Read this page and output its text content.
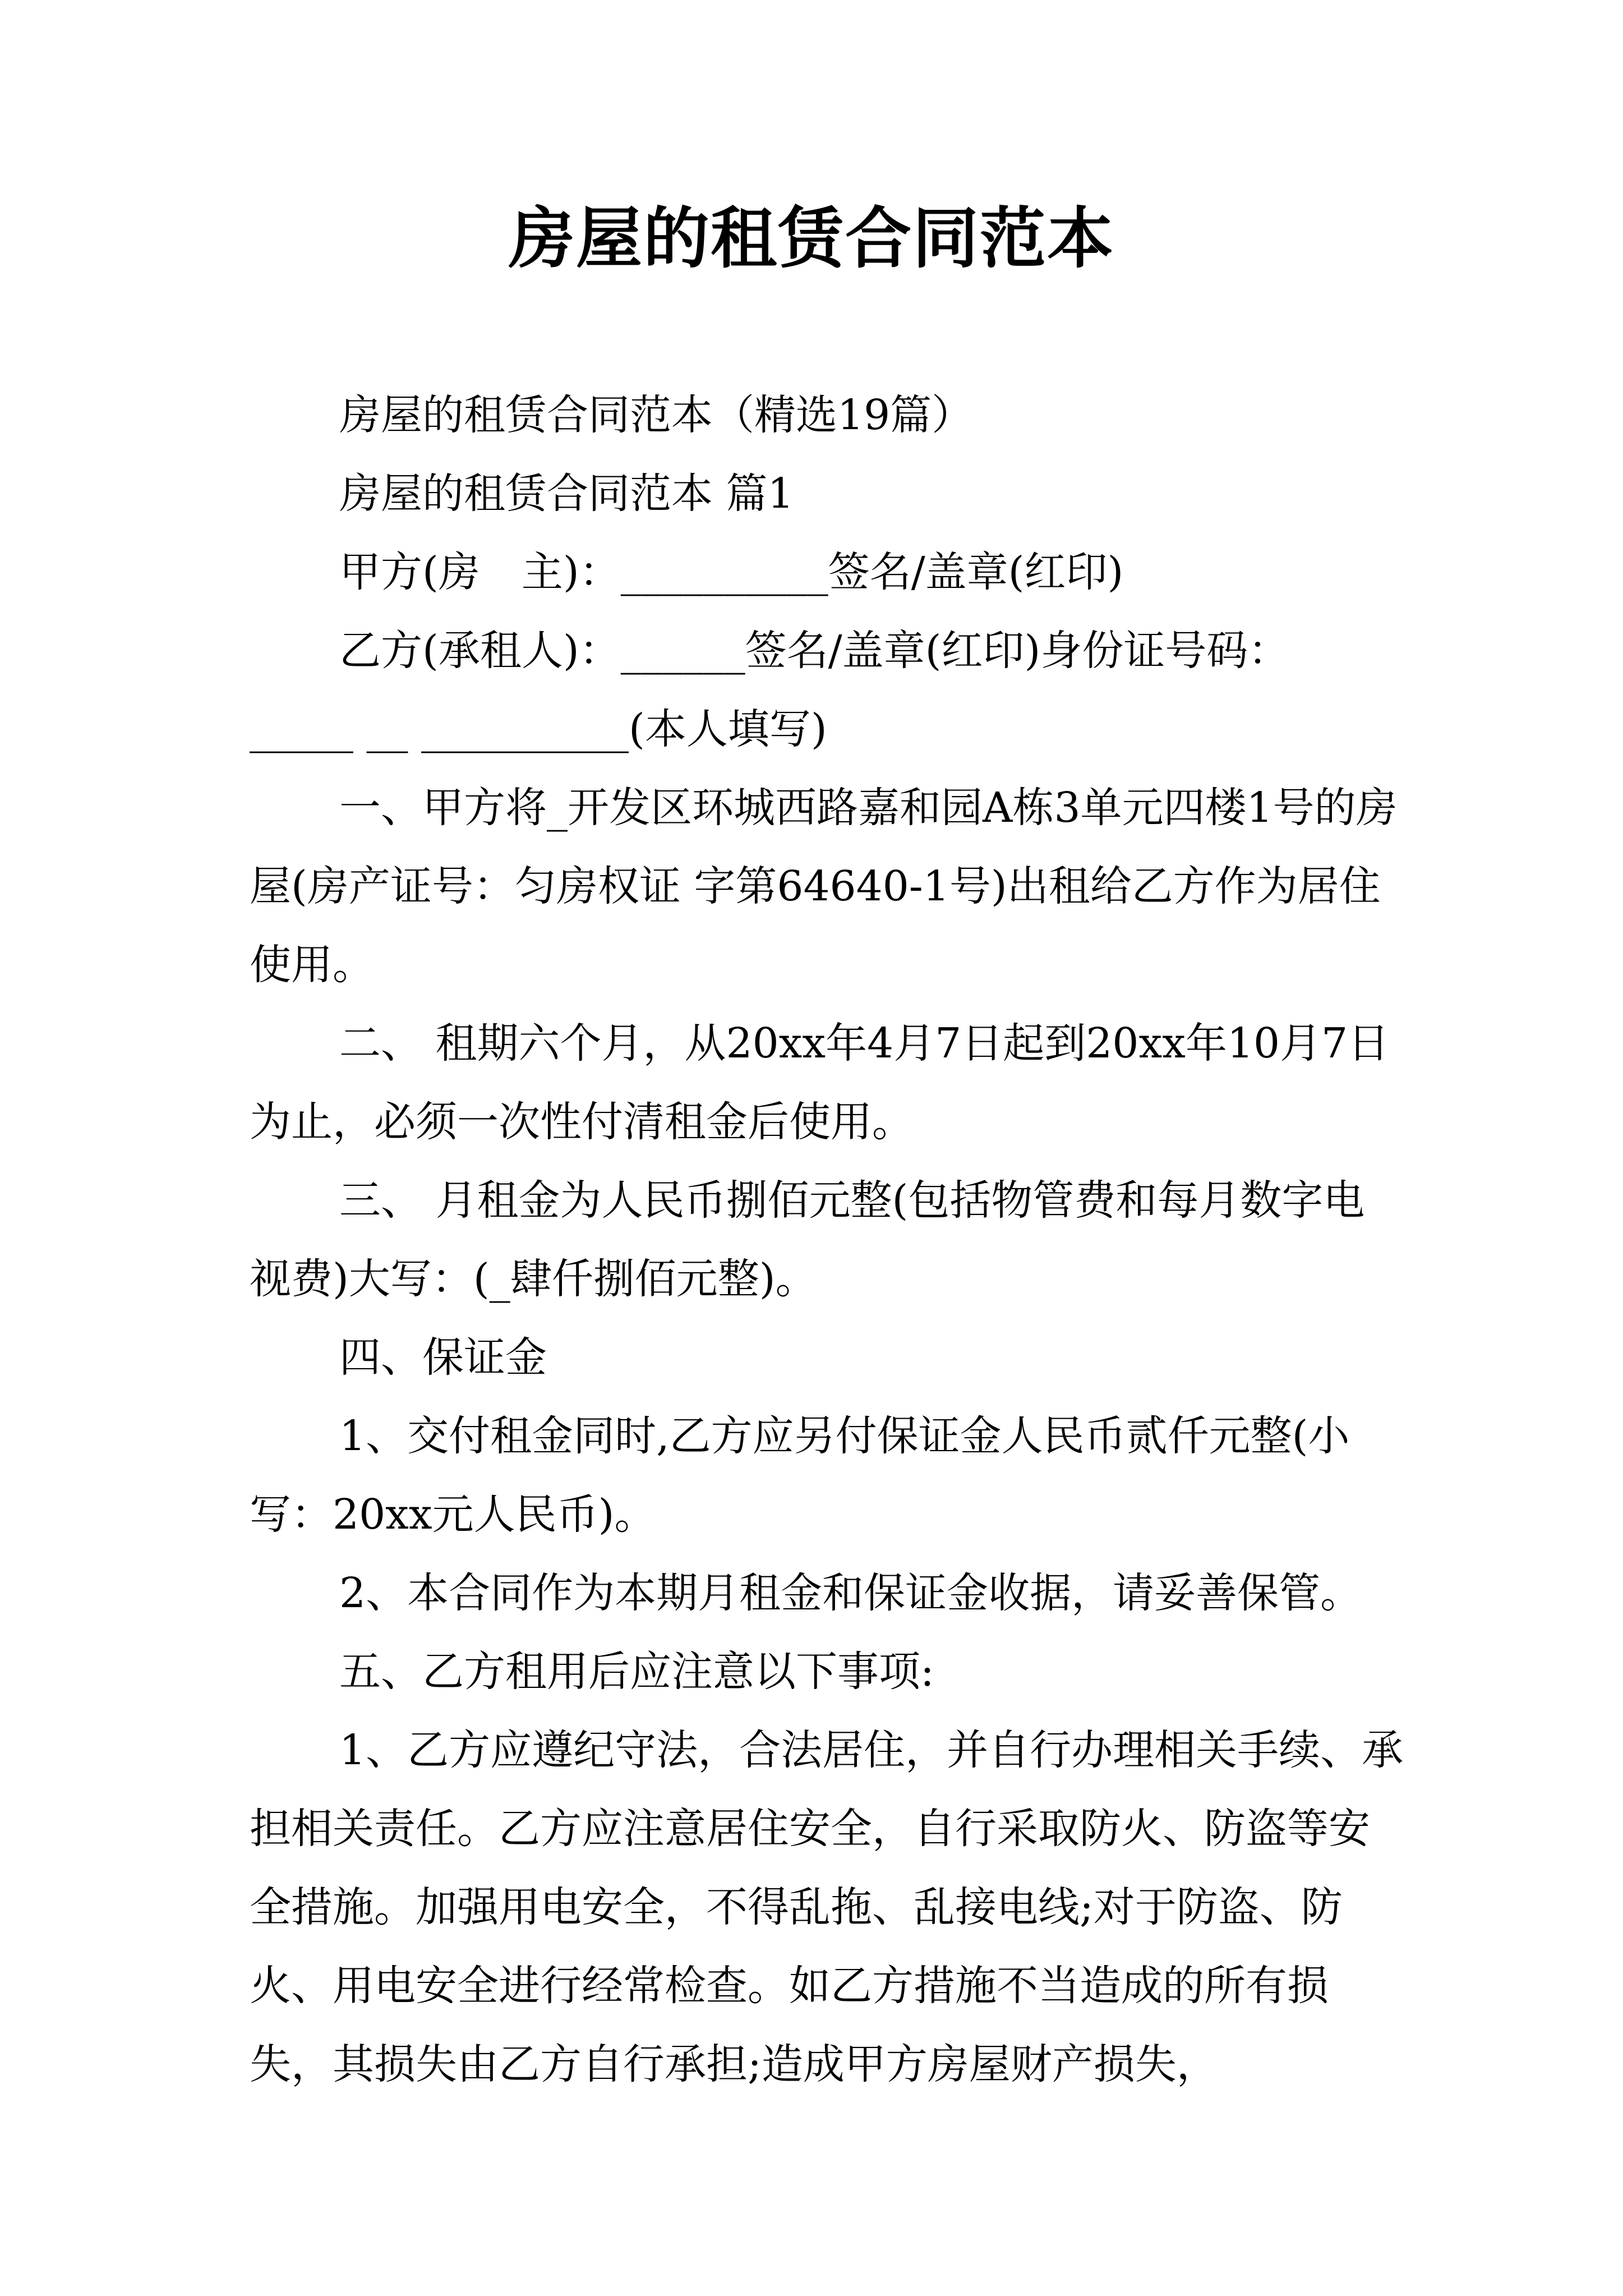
房屋的租赁合同范本

房屋的租赁合同范本（精选19篇）

房屋的租赁合同范本 篇1

甲方(房　主)：__________签名/盖章(红印)

乙方(承租人)：______签名/盖章(红印)身份证号码：

_____ __ __________(本人填写)

一、甲方将_开发区环城西路嘉和园A栋3单元四楼1号的房屋(房产证号：匀房权证 字第64640-1号)出租给乙方作为居住使用。

二、 租期六个月，从20xx年4月7日起到20xx年10月7日为止，必须一次性付清租金后使用。

三、 月租金为人民币捌佰元整(包括物管费和每月数字电视费)大写：(_肆仟捌佰元整)。

四、保证金

1、交付租金同时,乙方应另付保证金人民币贰仟元整(小写：20xx元人民币)。

2、本合同作为本期月租金和保证金收据，请妥善保管。

五、乙方租用后应注意以下事项:

1、乙方应遵纪守法，合法居住，并自行办理相关手续、承担相关责任。乙方应注意居住安全，自行采取防火、防盗等安全措施。加强用电安全，不得乱拖、乱接电线;对于防盗、防火、用电安全进行经常检查。如乙方措施不当造成的所有损失，其损失由乙方自行承担;造成甲方房屋财产损失，
